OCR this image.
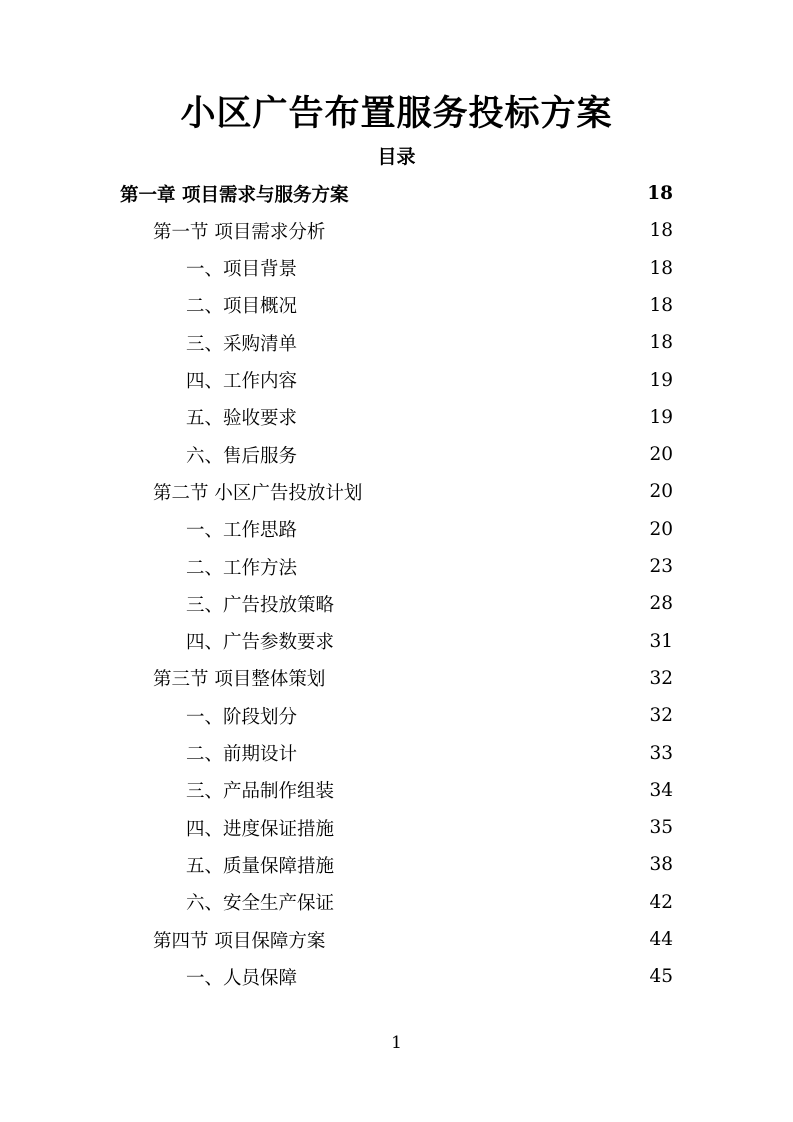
小区广告布置服务投标方案
目录
第一章 项目需求与服务方案	18
第一节 项目需求分析	18
一、项目背景	18
二、项目概况	18
三、采购清单	18
四、工作内容	19
五、验收要求	19
六、售后服务	20
第二节 小区广告投放计划	20
一、工作思路	20
二、工作方法	23
三、广告投放策略	28
四、广告参数要求	31
第三节 项目整体策划	32
一、阶段划分	32
二、前期设计	33
三、产品制作组装	34
四、进度保证措施	35
五、质量保障措施	38
六、安全生产保证	42
第四节 项目保障方案	44
一、人员保障	45
1
